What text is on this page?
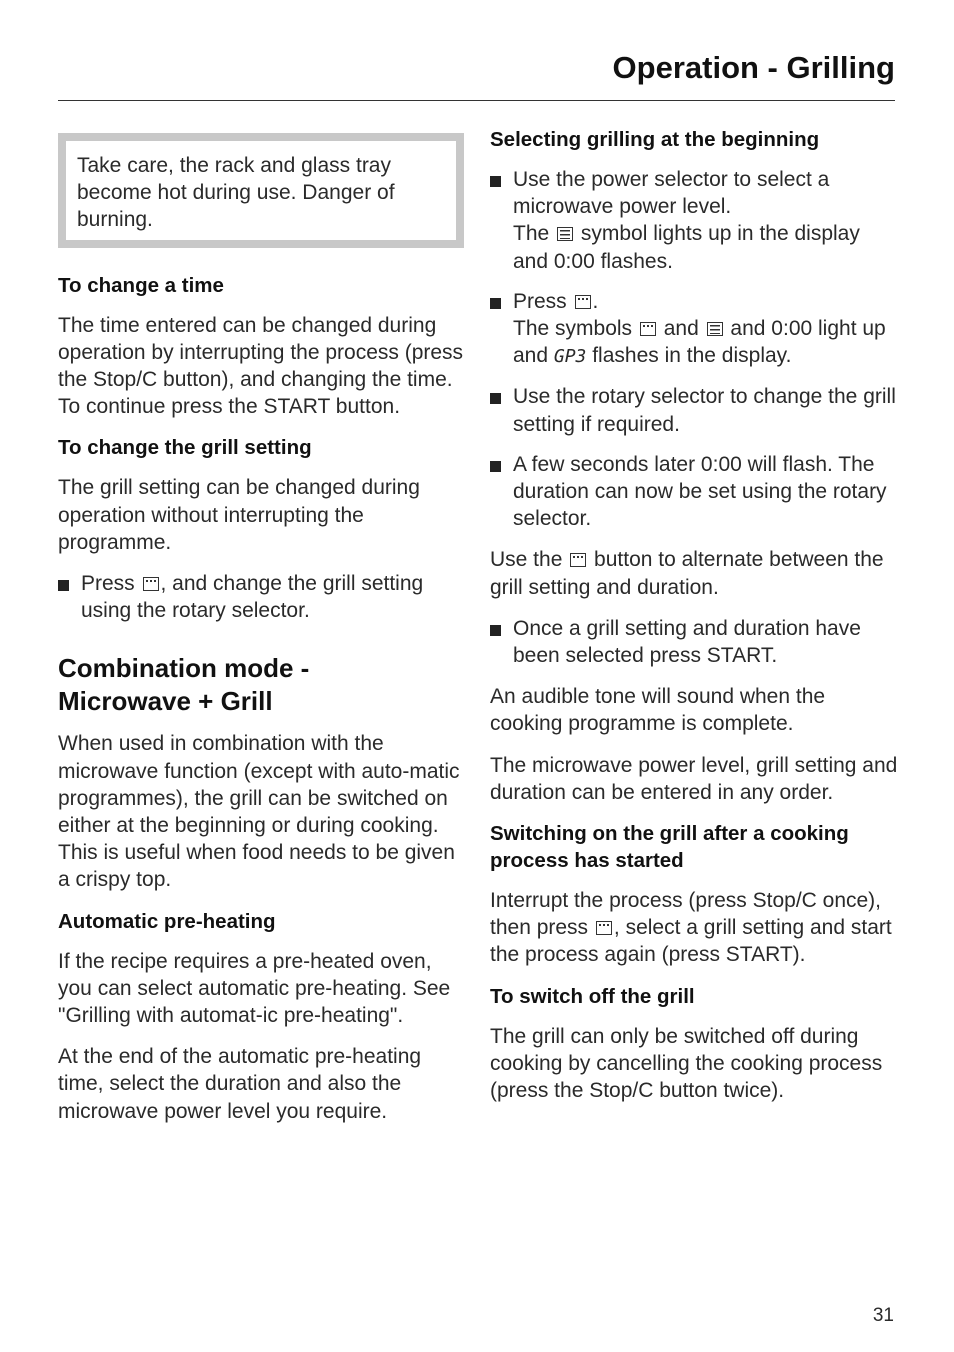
Operation - Grilling

Take care, the rack and glass tray become hot during use. Danger of burning.

To change a time

The time entered can be changed during operation by interrupting the process (press the Stop/C button), and changing the time. To continue press the START button.

To change the grill setting

The grill setting can be changed during operation without interrupting the programme.

Press , and change the grill setting using the rotary selector.
Combination mode -
Microwave + Grill

When used in combination with the microwave function (except with auto-matic programmes), the grill can be switched on either at the beginning or during cooking. This is useful when food needs to be given a crispy top.

Automatic pre-heating

If the recipe requires a pre-heated oven, you can select automatic pre-heating. See "Grilling with automat-ic pre-heating".

At the end of the automatic pre-heating time, select the duration and also the microwave power level you require.

Selecting grilling at the beginning
Use the power selector to select a microwave power level.
The  symbol lights up in the display and 0:00 flashes.
Press .
The symbols  and  and 0:00 light up and GP3 flashes in the display.
Use the rotary selector to change the grill setting if required.
A few seconds later 0:00 will flash. The duration can now be set using the rotary selector.

Use the  button to alternate between the grill setting and duration.

Once a grill setting and duration have been selected press START.

An audible tone will sound when the cooking programme is complete.

The microwave power level, grill setting and duration can be entered in any order.

Switching on the grill after a cooking process has started

Interrupt the process (press Stop/C once), then press , select a grill setting and start the process again (press START).

To switch off the grill

The grill can only be switched off during cooking by cancelling the cooking process (press the Stop/C button twice).

31
